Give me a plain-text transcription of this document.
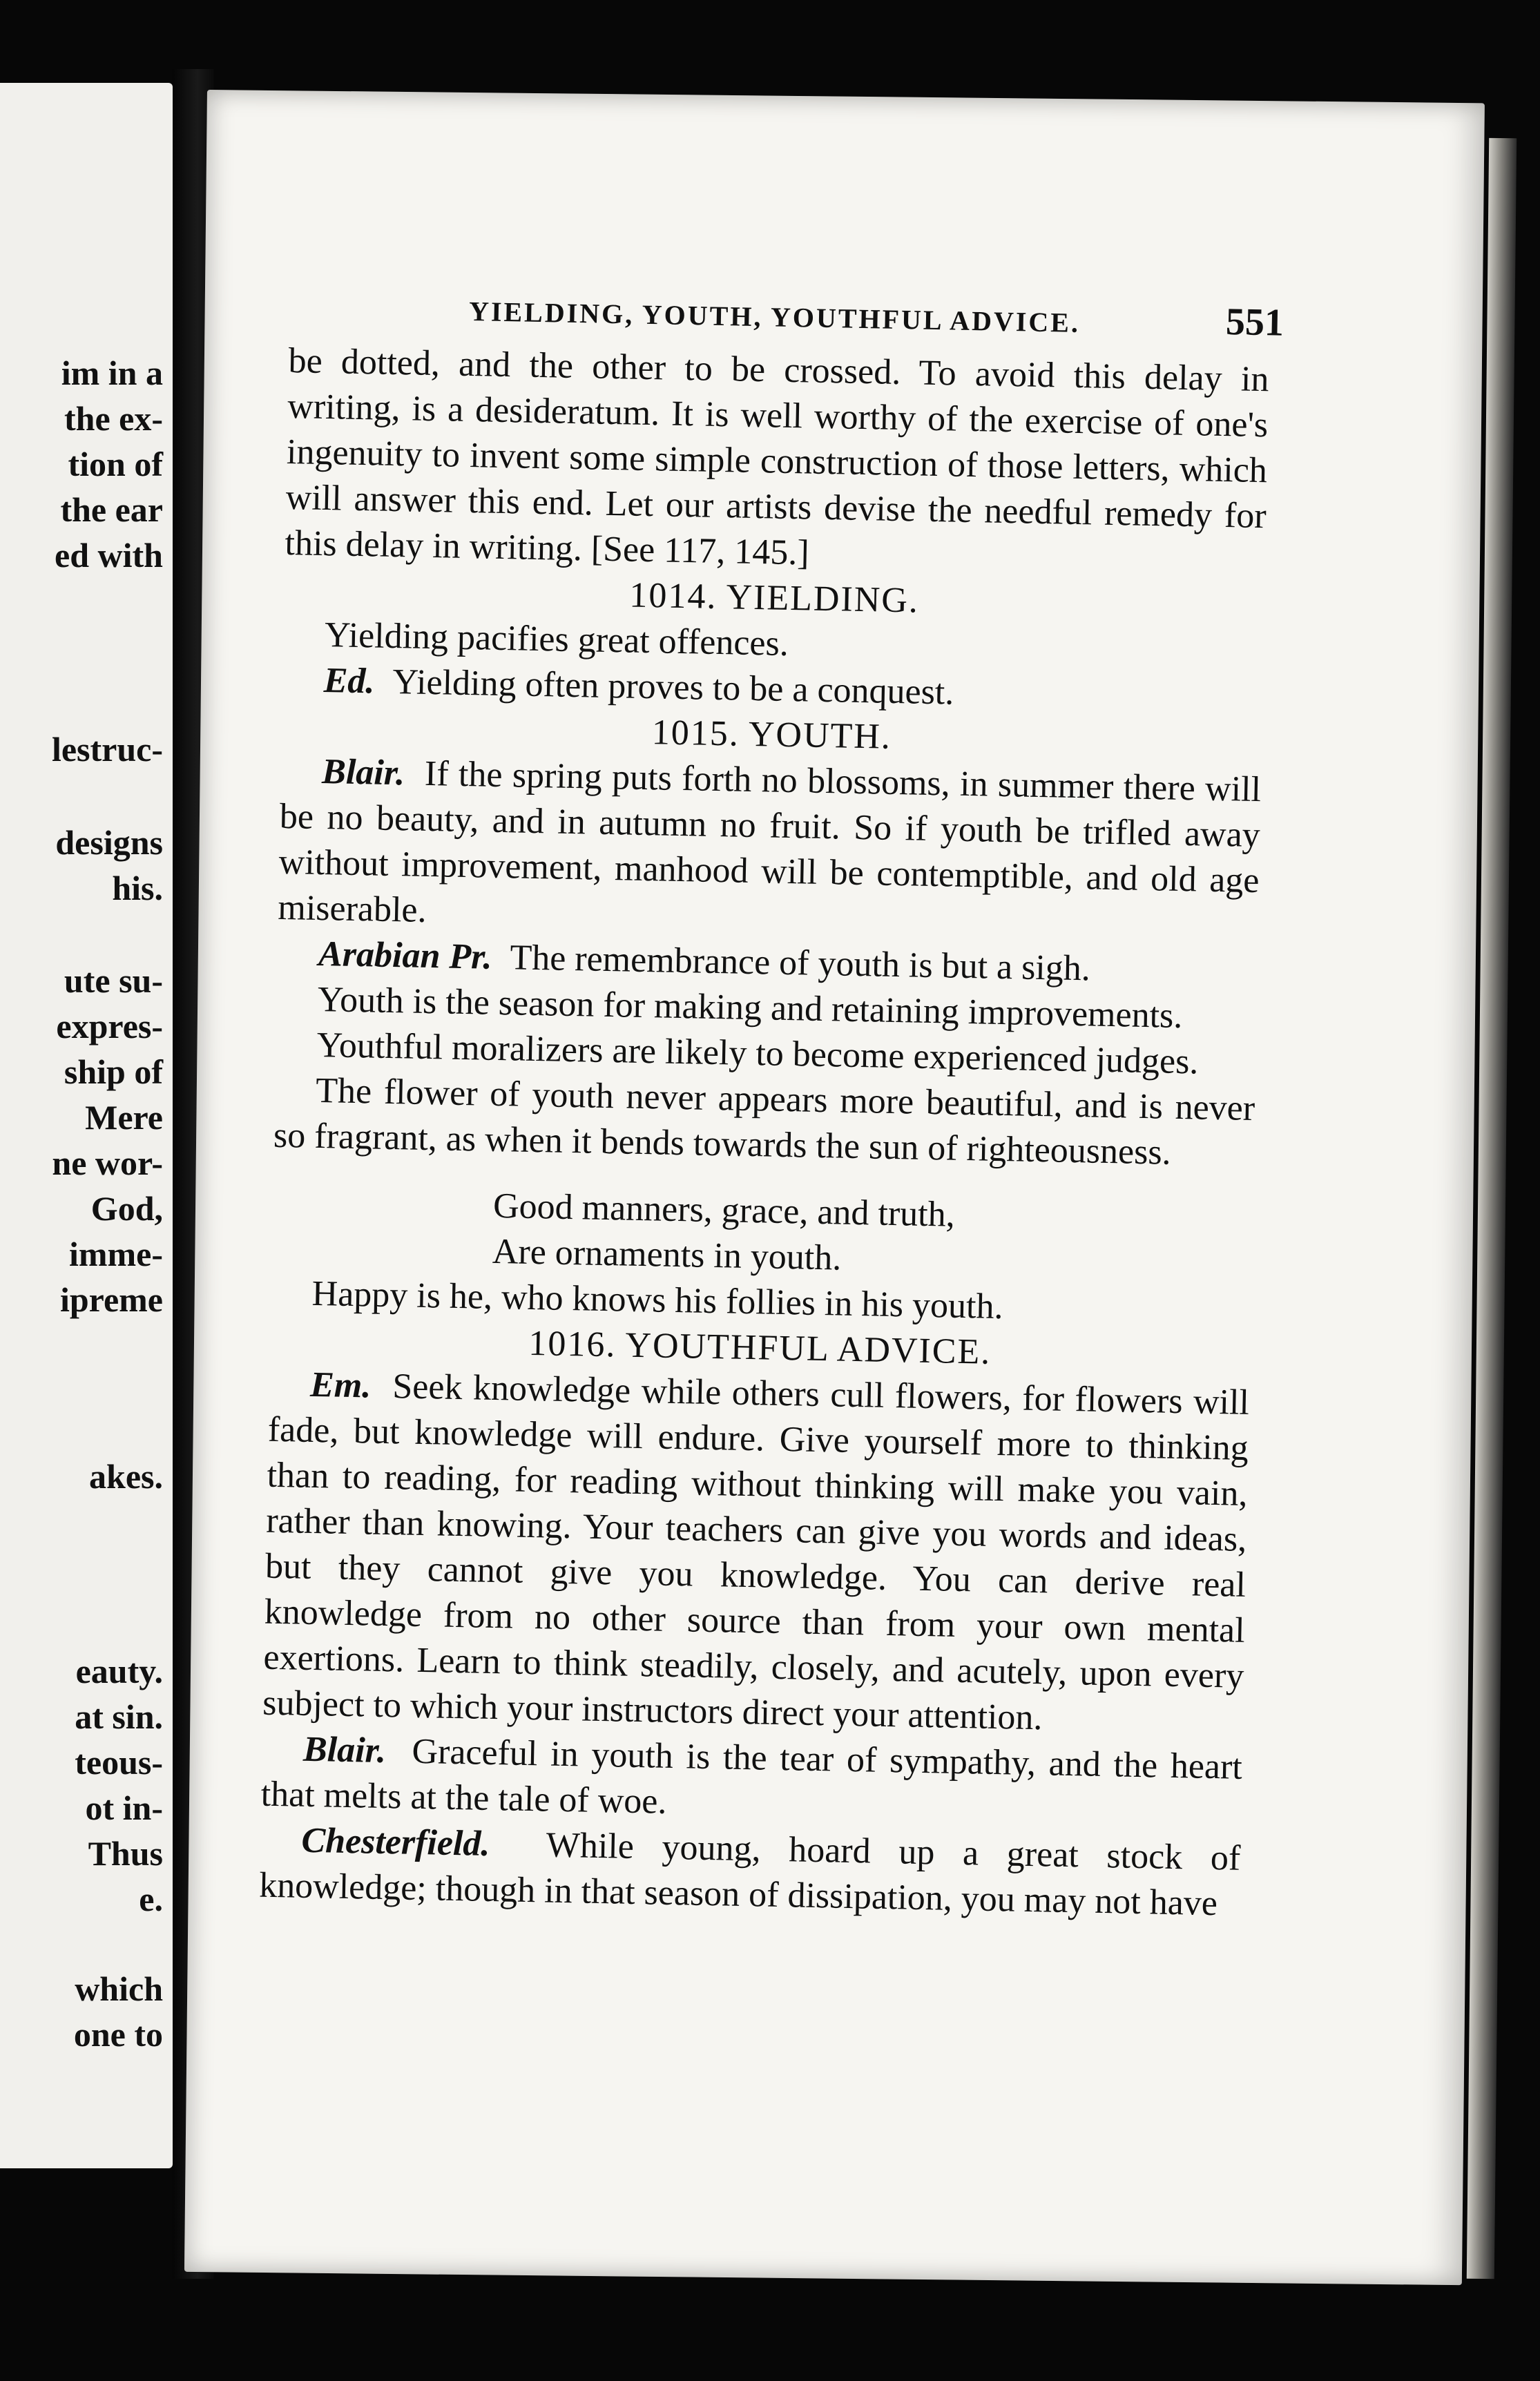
im in a
the ex-
tion of
the ear
ed with
lestruc-
designs
his.
ute su-
expres-
ship of
Mere
ne wor-
God,
imme-
ipreme
akes.
eauty.
at sin.
teous-
ot in-
Thus
e.
which
one to
YIELDING, YOUTH, YOUTHFUL ADVICE.	551

be dotted, and the other to be crossed. To avoid this delay in writing, is a desideratum. It is well worthy of the exercise of one's ingenuity to invent some simple construction of those letters, which will answer this end. Let our artists devise the needful remedy for this delay in writing. [See 117, 145.]

1014. YIELDING.

Yielding pacifies great offences.

Ed. Yielding often proves to be a conquest.

1015. YOUTH.

Blair. If the spring puts forth no blossoms, in summer there will be no beauty, and in autumn no fruit. So if youth be trifled away without improvement, manhood will be contemptible, and old age miserable.

Arabian Pr. The remembrance of youth is but a sigh.

Youth is the season for making and retaining improvements.

Youthful moralizers are likely to become experienced judges.

The flower of youth never appears more beautiful, and is never so fragrant, as when it bends towards the sun of righteousness.

Good manners, grace, and truth,

Are ornaments in youth.

Happy is he, who knows his follies in his youth.

1016. YOUTHFUL ADVICE.

Em. Seek knowledge while others cull flowers, for flowers will fade, but knowledge will endure. Give yourself more to thinking than to reading, for reading without thinking will make you vain, rather than knowing. Your teachers can give you words and ideas, but they cannot give you knowledge. You can derive real knowledge from no other source than from your own mental exertions. Learn to think steadily, closely, and acutely, upon every subject to which your instructors direct your attention.

Blair. Graceful in youth is the tear of sympathy, and the heart that melts at the tale of woe.

Chesterfield. While young, hoard up a great stock of knowledge; though in that season of dissipation, you may not have
